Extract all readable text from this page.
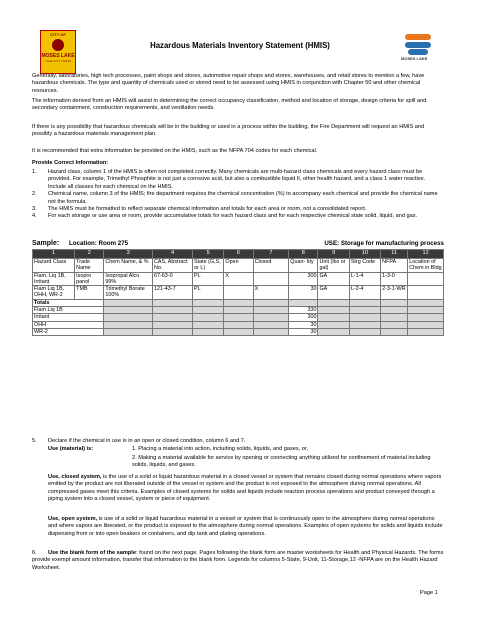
CITY OF
MOSES LAKE
LAKE CITY LIVING
Hazardous Materials Inventory Statement (HMIS)
MOSES LAKE

Generally, laboratories, high tech processes, paint shops and stores, automotive repair shops and stores, warehouses, and retail stores to mention a few, have hazardous chemicals. The type and quantity of chemicals used or stored need to be assessed using HMIS in conjunction with Chapter 50 and other chemical resources.

The information derived from an HMIS will assist in determining the correct occupancy classification, method and location of storage, design criteria for spill and secondary containment, construction requirements, and ventilation needs.

If there is any possibility that hazardous chemicals will be in the building or used in a process within the building, the Fire Department will request an HMIS and possibly a hazardous materials management plan.

It is recommended that extra information be provided on the HMIS, such as the NFPA 704 codes for each chemical.

Provide Correct Information:

1. Hazard class, column 1 of the HMIS is often not completed correctly. Many chemicals are multi-hazard class chemicals and every hazard class must be provided. For example, Trimethyl Phosphite is not just a corrosive acid, but also a combustible liquid II, other health hazard, and a class 1 water reactive. Include all classes for each chemical on the HMIS.
2. Chemical name, column 3 of the HMIS; fire department requires the chemical concentration (%) to accompany each chemical and provide the chemical name not the formula.
3. The HMIS must be formatted to reflect separate chemical information and totals for each area or room, not a consolidated report.
4. For each storage or use area or room, provide accumulative totals for each hazard class and for each respective chemical state solid, liquid, and gas.
Sample: Location: Room 275	USE: Storage for manufacturing process
1	2	3	4	5	6	7	8	9	10	11	12
Hazard Class	Trade Name	Chem Name, & %	CAS, Abstract No.	State (G,S, or L)	Open	Closed	Quan- tity	Unit (lbs or gal)	Strg Code	NFPA	Location of Chem in Bldg
Flam. Liq 1B, Irritant	Isopro panol	Isopropal Alco. 99%	67-63-0	PL	X		300	GA	L-1-4	1-3-0	
Flam Liq 1B, OHH, WR-2	TMB	Trimethyl Borate 100%	121-43-7	PL		X	30	GA	L-2-4	2-3-1-WR	
Totals											
Flam Liq 1B							330				
Irritant							300				
OHH							30				
WR-2							30				
5. Declare if the chemical in use is in an open or closed condition, column 6 and 7.
Use (material) is:	1. Placing a material into action, including solids, liquids, and gases, or,
2. Making a material available for service by opening or connecting anything utilized for confinement of material including solids, liquids, and gases.
Use, closed system, is the use of a solid or liquid hazardous material in a closed vessel or system that remains closed during normal operations where vapors emitted by the product are not liberated outside of the vessel or system and the product is not exposed to the atmosphere during normal operations. All compressed gases meet this criteria. Examples of closed systems for solids and liquids include reaction process operations and product conveyed through a piping system into a closed vessel, system or piece of equipment.
Use, open system, is use of a solid or liquid hazardous material in a vessel or system that is continuously open to the atmosphere during normal operations and where vapors are liberated, or the product is exposed to the atmosphere during normal operations. Examples of open systems for solids and liquids include dispensing from or into open beakers or containers, and dip tank and plating operations.
6. Use the blank form of the sample: found on the next page. Pages following the blank form are master worksheets for Health and Physical Hazards. The forms provide exempt amount information, transfer that information to the blank form. Legends for columns 5-State, 9-Unit, 11-Storage,12 -NFPA are on the Health Hazard Worksheet.
Page 1
